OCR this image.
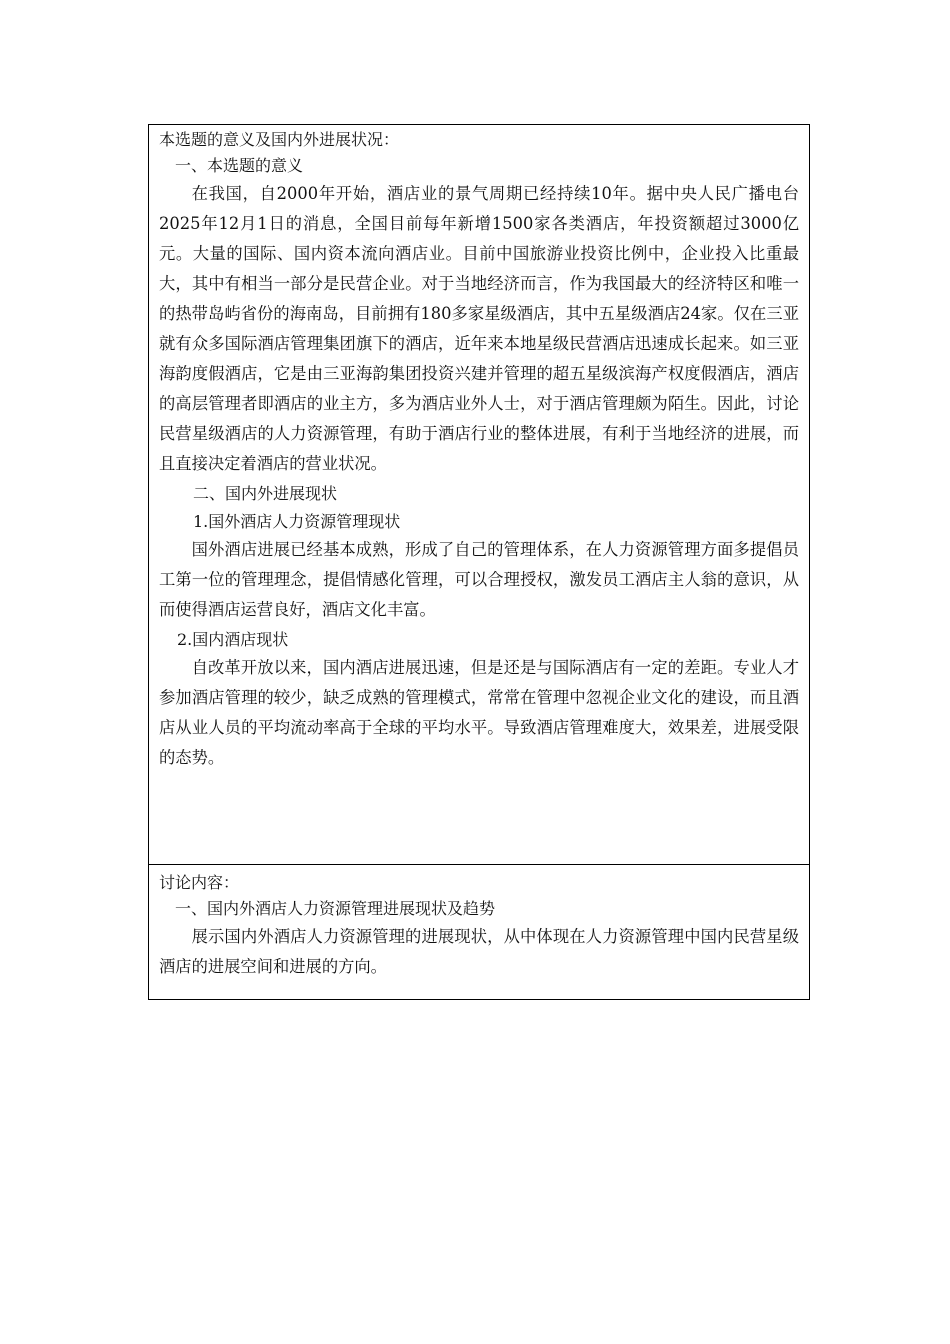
本选题的意义及国内外进展状况：

一、本选题的意义

在我国，自2000年开始，酒店业的景气周期已经持续10年。据中央人民广播电台2025年12月1日的消息，全国目前每年新增1500家各类酒店，年投资额超过3000亿元。大量的国际、国内资本流向酒店业。目前中国旅游业投资比例中，企业投入比重最大，其中有相当一部分是民营企业。对于当地经济而言，作为我国最大的经济特区和唯一的热带岛屿省份的海南岛，目前拥有180多家星级酒店，其中五星级酒店24家。仅在三亚就有众多国际酒店管理集团旗下的酒店，近年来本地星级民营酒店迅速成长起来。如三亚海韵度假酒店，它是由三亚海韵集团投资兴建并管理的超五星级滨海产权度假酒店，酒店的高层管理者即酒店的业主方，多为酒店业外人士，对于酒店管理颇为陌生。因此，讨论民营星级酒店的人力资源管理，有助于酒店行业的整体进展，有利于当地经济的进展，而且直接决定着酒店的营业状况。

二、国内外进展现状

1.国外酒店人力资源管理现状

国外酒店进展已经基本成熟，形成了自己的管理体系，在人力资源管理方面多提倡员工第一位的管理理念，提倡情感化管理，可以合理授权，激发员工酒店主人翁的意识，从而使得酒店运营良好，酒店文化丰富。

2.国内酒店现状

自改革开放以来，国内酒店进展迅速，但是还是与国际酒店有一定的差距。专业人才参加酒店管理的较少，缺乏成熟的管理模式，常常在管理中忽视企业文化的建设，而且酒店从业人员的平均流动率高于全球的平均水平。导致酒店管理难度大，效果差，进展受限的态势。

讨论内容：

一、国内外酒店人力资源管理进展现状及趋势

展示国内外酒店人力资源管理的进展现状，从中体现在人力资源管理中国内民营星级酒店的进展空间和进展的方向。
